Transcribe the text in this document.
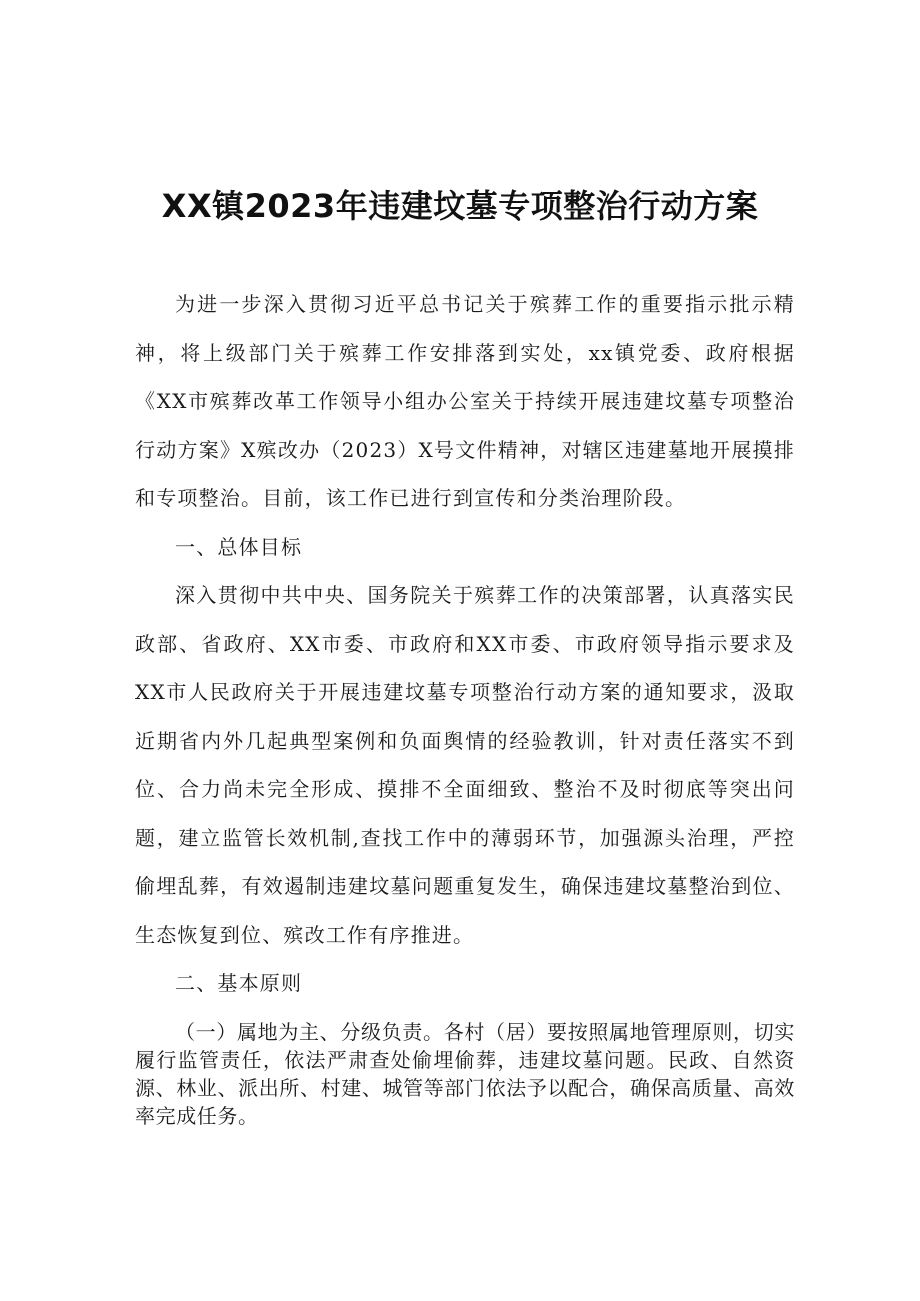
XX镇2023年违建坟墓专项整治行动方案

为进一步深入贯彻习近平总书记关于殡葬工作的重要指示批示精神，将上级部门关于殡葬工作安排落到实处，xx镇党委、政府根据《XX市殡葬改革工作领导小组办公室关于持续开展违建坟墓专项整治行动方案》X殡改办（2023）X号文件精神，对辖区违建墓地开展摸排和专项整治。目前，该工作已进行到宣传和分类治理阶段。

一、总体目标

深入贯彻中共中央、国务院关于殡葬工作的决策部署，认真落实民政部、省政府、XX市委、市政府和XX市委、市政府领导指示要求及XX市人民政府关于开展违建坟墓专项整治行动方案的通知要求，汲取近期省内外几起典型案例和负面舆情的经验教训，针对责任落实不到位、合力尚未完全形成、摸排不全面细致、整治不及时彻底等突出问题，建立监管长效机制,查找工作中的薄弱环节，加强源头治理，严控偷埋乱葬，有效遏制违建坟墓问题重复发生，确保违建坟墓整治到位、生态恢复到位、殡改工作有序推进。

二、基本原则

（一）属地为主、分级负责。各村（居）要按照属地管理原则，切实履行监管责任，依法严肃查处偷埋偷葬，违建坟墓问题。民政、自然资源、林业、派出所、村建、城管等部门依法予以配合，确保高质量、高效率完成任务。
